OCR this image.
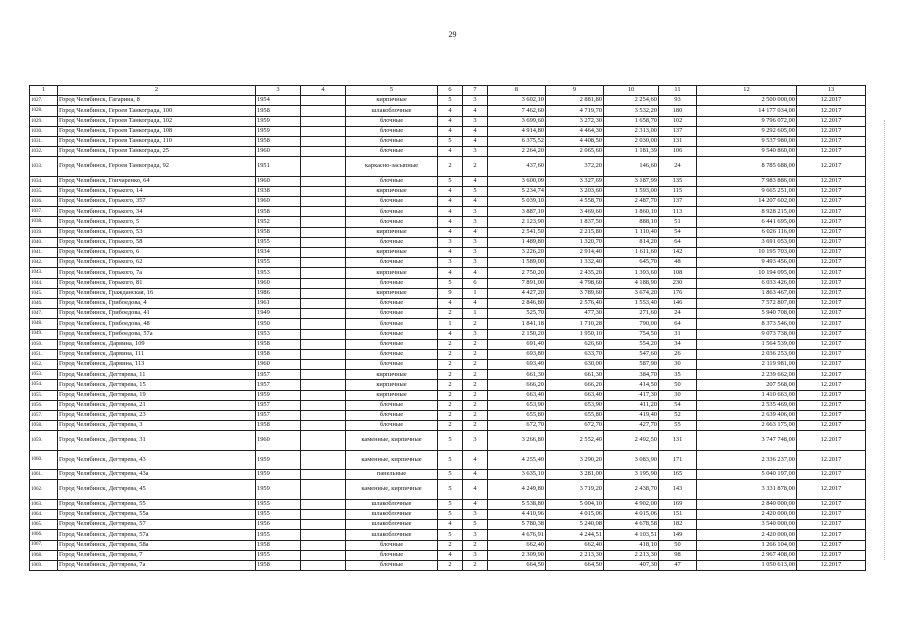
29
1	2	3	4	5	6	7	8	9	10	11	12	13
1027.	Город Челябинск, Гагарина, 8	1954		кирпичные	5	3	3 602,10	2 881,80	2 254,60	93	2 500 000,00	12.2017
1028.	Город Челябинск, Героев Танкограда, 100	1958		шлакоблочные	4	4	7 462,60	4 719,70	3 532,20	180	14 177 034,00	12.2017
1029.	Город Челябинск, Героев Танкограда, 102	1959		блочные	4	3	3 699,60	3 272,30	1 658,70	102	9 796 072,00	12.2017
1030.	Город Челябинск, Героев Танкограда, 108	1959		блочные	4	4	4 914,80	4 464,30	2 313,00	137	9 292 605,00	12.2017
1031.	Город Челябинск, Героев Танкограда, 110	1958		блочные	5	4	6 375,52	4 408,50	2 030,00	131	9 537 980,00	12.2017
1032.	Город Челябинск, Героев Танкограда, 25	1960		блочные	4	3	2 264,20	2 065,60	1 181,39	106	9 540 860,00	12.2017
1033.	Город Челябинск, Героев Танкограда, 92	1951		каркасно-засыпные	2	2	437,60	372,20	146,60	24	8 785 688,00	12.2017
1034.	Город Челябинск, Гончаренко, 64	1960		блочные	5	4	3 600,09	3 327,69	3 187,99	135	7 983 886,00	12.2017
1035.	Город Челябинск, Горького, 14	1938		кирпичные	4	5	5 234,74	3 203,60	1 593,00	115	9 665 251,00	12.2017
1036.	Город Челябинск, Горького, 357	1960		блочные	4	4	5 039,10	4 558,70	2 487,70	137	14 207 602,00	12.2017
1037.	Город Челябинск, Горького, 34	1958		блочные	4	3	3 887,10	3 469,60	1 860,10	113	8 928 215,00	12.2017
1038.	Город Челябинск, Горького, 5	1952		блочные	4	3	2 123,90	1 837,50	888,10	51	6 441 695,00	12.2017
1039.	Город Челябинск, Горького, 53	1958		кирпичные	4	4	2 541,50	2 215,80	1 110,40	54	6 026 116,00	12.2017
1040.	Город Челябинск, Горького, 58	1955		блочные	3	3	1 489,80	1 320,70	814,20	64	3 691 053,00	12.2017
1041.	Город Челябинск, Горького, 6	1934		кирпичные	4	3	3 226,20	2 914,40	1 611,60	142	10 195 703,00	12.2017
1042.	Город Челябинск, Горького, 62	1955		блочные	3	3	1 589,00	1 332,40	645,70	48	9 493 456,00	12.2017
1043.	Город Челябинск, Горького, 7а	1953		кирпичные	4	4	2 750,20	2 435,20	1 393,60	108	10 194 095,00	12.2017
1044.	Город Челябинск, Горького, 81	1960		блочные	5	6	7 891,00	4 798,60	4 188,90	230	6 033 426,00	12.2017
1045.	Город Челябинск, Гражданская, 16	1986		кирпичные	9	1	4 427,20	3 789,60	3 674,20	176	1 863 467,00	12.2017
1046.	Город Челябинск, Грибоедова, 4	1961		блочные	4	4	2 846,80	2 576,40	1 553,40	146	7 572 807,00	12.2017
1047.	Город Челябинск, Грибоедова, 41	1949		блочные	2	1	525,70	477,30	271,60	24	5 940 708,00	12.2017
1048.	Город Челябинск, Грибоедова, 48	1950		блочные	1	2	1 841,18	1 710,28	790,00	64	8 373 546,00	12.2017
1049.	Город Челябинск, Грибоедова, 57а	1953		блочные	4	3	2 150,20	1 950,10	754,50	31	9 073 738,00	12.2017
1050.	Город Челябинск, Дарвина, 109	1958		блочные	2	2	691,40	626,60	554,20	34	1 564 539,00	12.2017
1051.	Город Челябинск, Дарвина, 111	1958		блочные	2	2	693,80	633,70	547,60	26	2 036 253,00	12.2017
1052.	Город Челябинск, Дарвина, 113	1960		блочные	2	2	693,40	630,00	587,90	30	2 119 981,00	12.2017
1053.	Город Челябинск, Дегтярева, 11	1957		кирпичные	2	2	661,30	661,30	384,70	35	2 239 662,00	12.2017
1054.	Город Челябинск, Дегтярева, 15	1957		кирпичные	2	2	666,20	666,20	414,50	50	207 568,00	12.2017
1055.	Город Челябинск, Дегтярева, 19	1959		кирпичные	2	2	663,40	663,40	417,30	30	1 410 663,00	12.2017
1056.	Город Челябинск, Дегтярева, 21	1957		блочные	2	2	653,90	653,90	411,20	54	2 535 469,00	12.2017
1057.	Город Челябинск, Дегтярева, 23	1957		блочные	2	2	655,80	655,80	419,40	52	2 639 406,00	12.2017
1058.	Город Челябинск, Дегтярева, 3	1958		блочные	2	2	672,70	672,70	427,70	55	2 663 175,00	12.2017
1059.	Город Челябинск, Дегтярева, 31	1960		каменные, кирпичные	5	3	3 266,80	2 552,40	2 492,50	131	3 747 748,00	12.2017
1060.	Город Челябинск, Дегтярева, 43	1959		каменные, кирпичные	5	4	4 255,40	3 290,20	3 083,90	171	2 336 237,00	12.2017
1061.	Город Челябинск, Дегтярева, 43а	1959		панельные	5	4	3 635,10	3 281,00	3 195,90	165	5 040 197,00	12.2017
1062.	Город Челябинск, Дегтярева, 45	1959		каменные, кирпичные	5	4	4 249,80	3 719,20	2 438,70	143	3 331 878,00	12.2017
1063.	Город Челябинск, Дегтярева, 55	1955		шлакоблочные	5	4	5 538,80	5 004,10	4 902,00	169	2 840 000,00	12.2017
1064.	Город Челябинск, Дегтярева, 55а	1955		шлакоблочные	5	3	4 410,96	4 015,06	4 015,06	151	2 420 000,00	12.2017
1065.	Город Челябинск, Дегтярева, 57	1956		шлакоблочные	4	5	5 780,38	5 240,08	4 678,58	182	3 540 000,00	12.2017
1066.	Город Челябинск, Дегтярева, 57а	1955		шлакоблочные	5	3	4 676,91	4 244,51	4 103,51	149	2 420 000,00	12.2017
1067.	Город Челябинск, Дегтярева, 58а	1958		блочные	2	2	662,40	662,40	418,10	50	1 266 104,00	12.2017
1068.	Город Челябинск, Дегтярева, 7	1955		блочные	4	3	2 309,90	2 213,30	2 213,30	98	2 967 408,00	12.2017
1069.	Город Челябинск, Дегтярева, 7а	1958		блочные	2	2	664,50	664,50	407,30	47	1 050 613,00	12.2017
